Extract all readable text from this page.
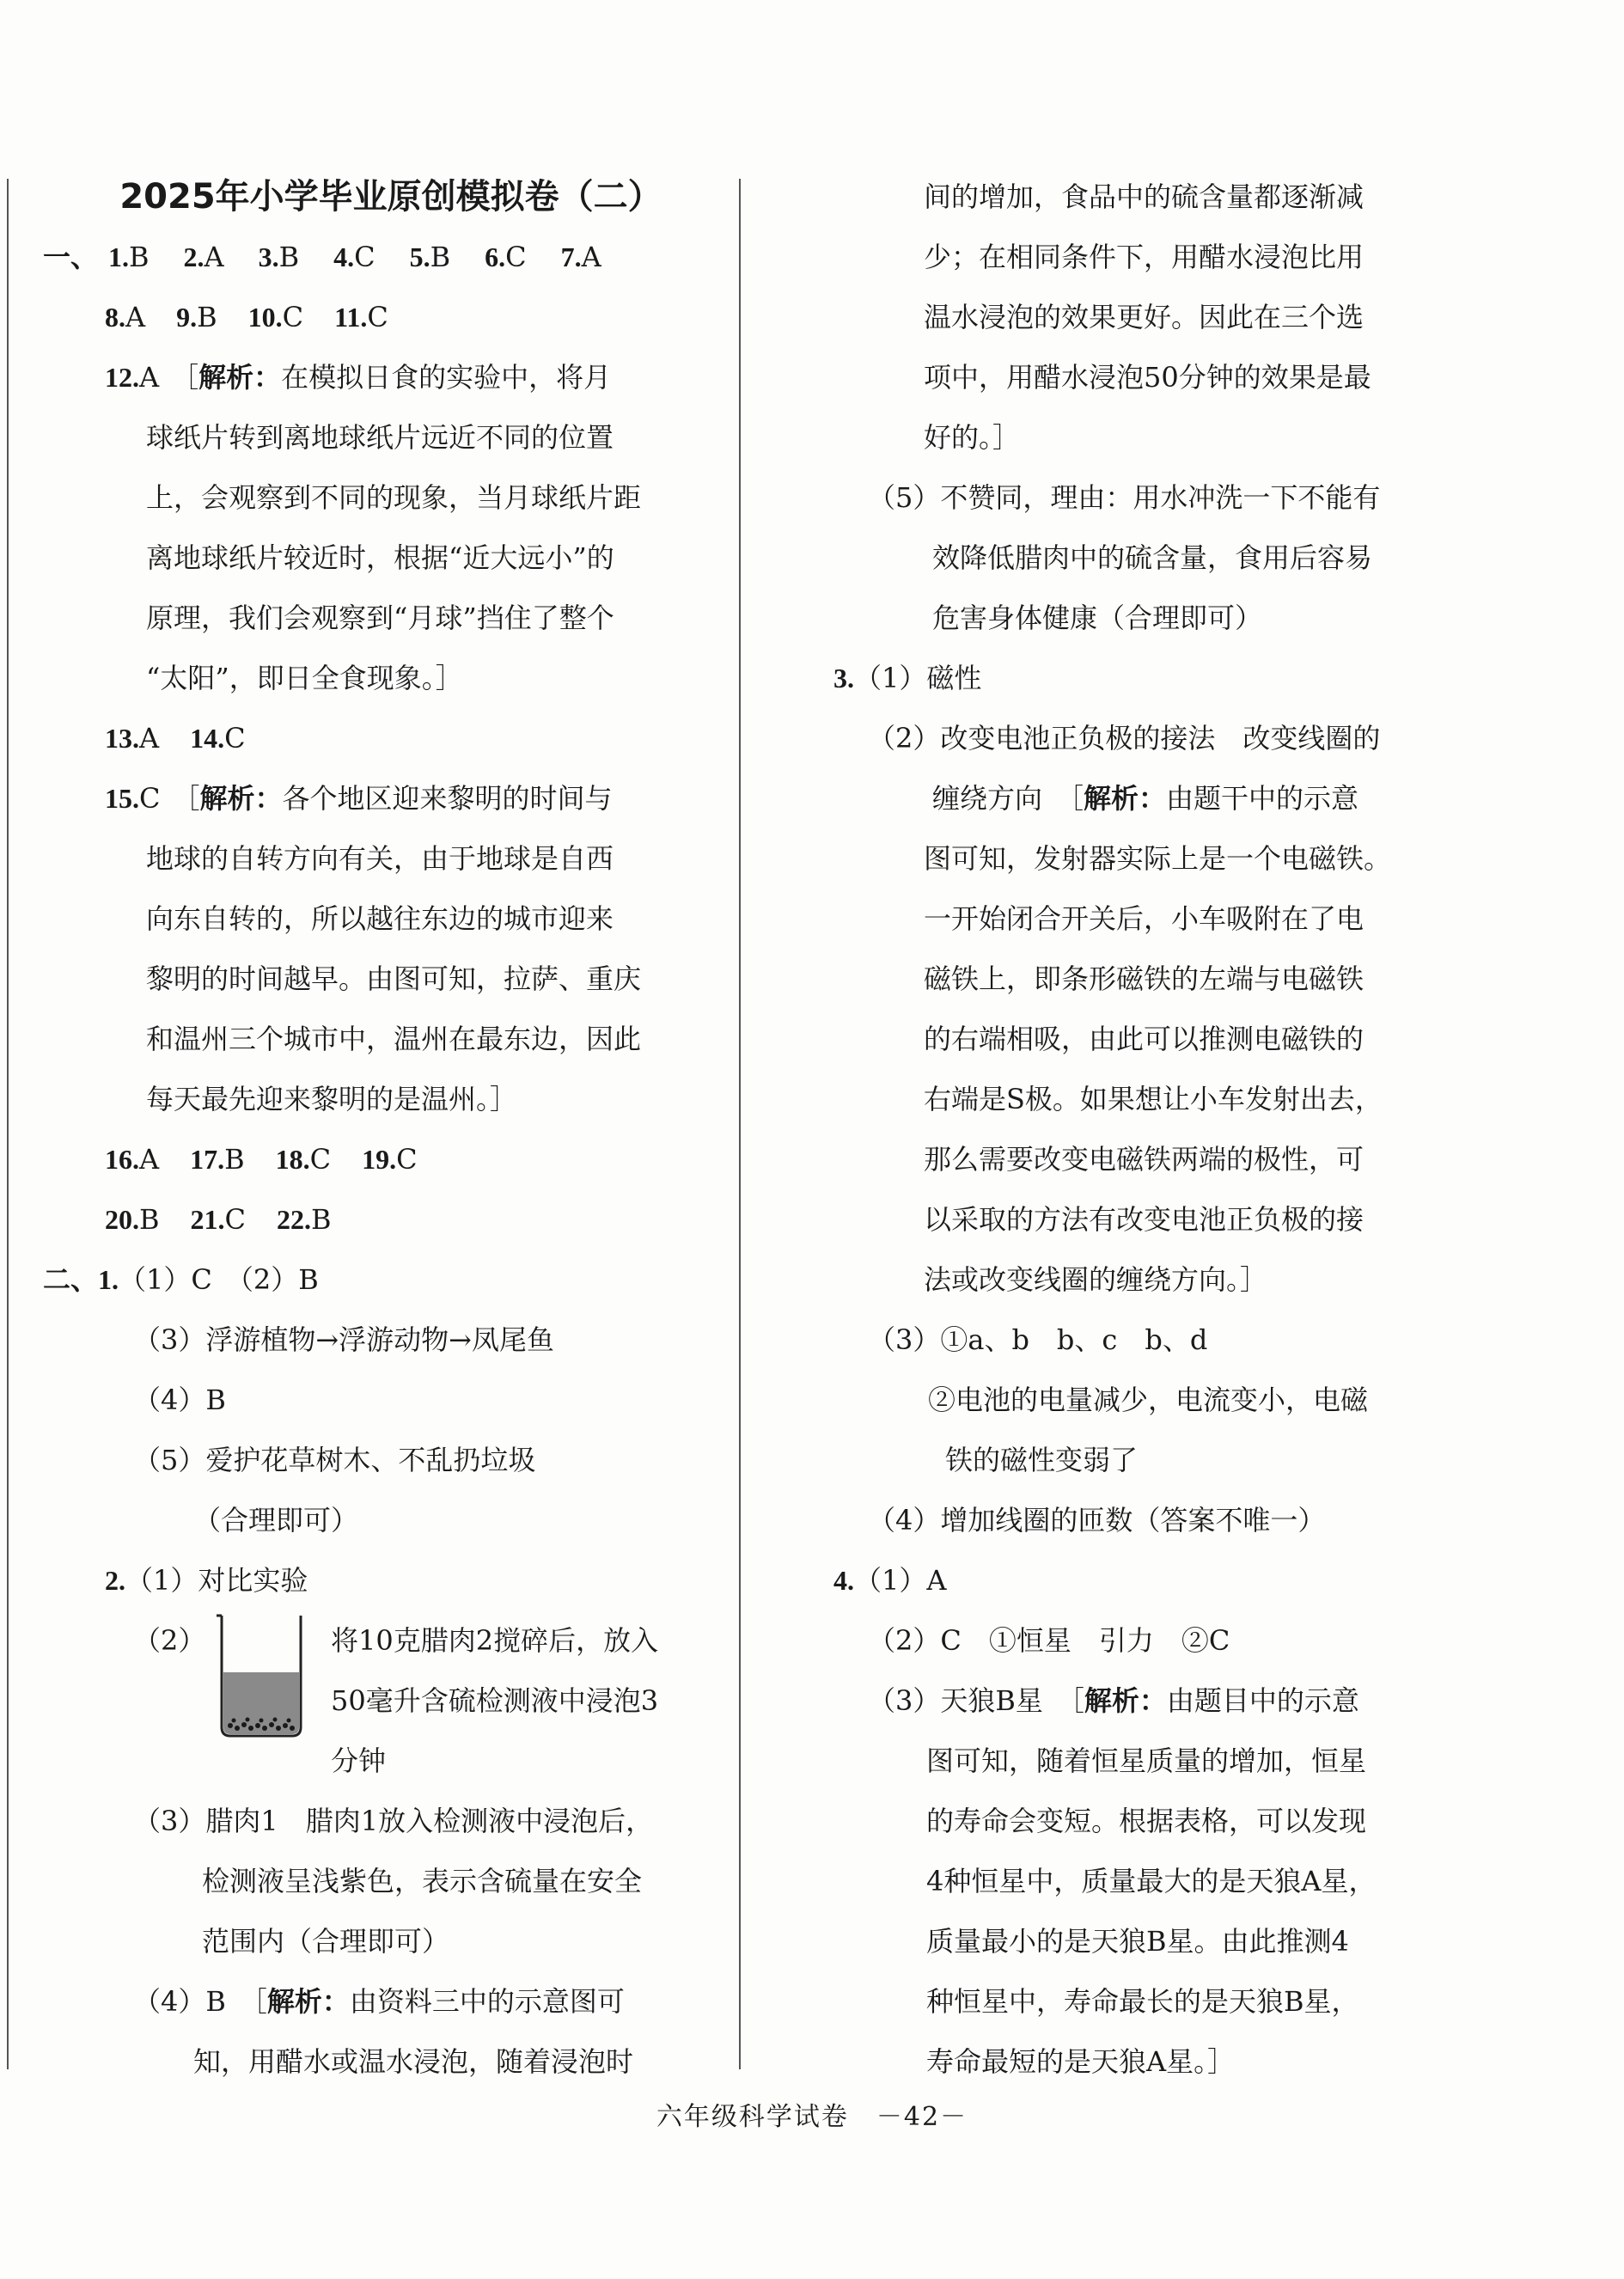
2025年小学毕业原创模拟卷（二）
一、 1.B 2.A 3.B 4.C 5.B 6.C 7.A
8.A 9.B 10.C 11.C
12.A ［解析：在模拟日食的实验中，将月
球纸片转到离地球纸片远近不同的位置
上，会观察到不同的现象，当月球纸片距
离地球纸片较近时，根据“近大远小”的
原理，我们会观察到“月球”挡住了整个
“太阳”，即日全食现象。］
13.A 14.C
15.C ［解析：各个地区迎来黎明的时间与
地球的自转方向有关，由于地球是自西
向东自转的，所以越往东边的城市迎来
黎明的时间越早。由图可知，拉萨、重庆
和温州三个城市中，温州在最东边，因此
每天最先迎来黎明的是温州。］
16.A 17.B 18.C 19.C
20.B 21.C 22.B
二、1.（1）C　（2）B
（3）浮游植物→浮游动物→凤尾鱼
（4）B
（5）爱护花草树木、不乱扔垃圾
（合理即可）
2.（1）对比实验
（2）	将10克腊肉2搅碎后，放入
50毫升含硫检测液中浸泡3
分钟
（3）腊肉1　腊肉1放入检测液中浸泡后，
检测液呈浅紫色，表示含硫量在安全
范围内（合理即可）
（4）B　［解析：由资料三中的示意图可
知，用醋水或温水浸泡，随着浸泡时
间的增加，食品中的硫含量都逐渐减
少；在相同条件下，用醋水浸泡比用
温水浸泡的效果更好。因此在三个选
项中，用醋水浸泡50分钟的效果是最
好的。］
（5）不赞同，理由：用水冲洗一下不能有
效降低腊肉中的硫含量，食用后容易
危害身体健康（合理即可）
3.（1）磁性
（2）改变电池正负极的接法　改变线圈的
缠绕方向　［解析：由题干中的示意
图可知，发射器实际上是一个电磁铁。
一开始闭合开关后，小车吸附在了电
磁铁上，即条形磁铁的左端与电磁铁
的右端相吸，由此可以推测电磁铁的
右端是S极。如果想让小车发射出去，
那么需要改变电磁铁两端的极性，可
以采取的方法有改变电池正负极的接
法或改变线圈的缠绕方向。］
（3）①a、b　b、c　b、d
②电池的电量减少，电流变小，电磁
铁的磁性变弱了
（4）增加线圈的匝数（答案不唯一）
4.（1）A
（2）C　①恒星　引力　②C
（3）天狼B星　［解析：由题目中的示意
图可知，随着恒星质量的增加，恒星
的寿命会变短。根据表格，可以发现
4种恒星中，质量最大的是天狼A星，
质量最小的是天狼B星。由此推测4
种恒星中，寿命最长的是天狼B星，
寿命最短的是天狼A星。］
六年级科学试卷　－42－
